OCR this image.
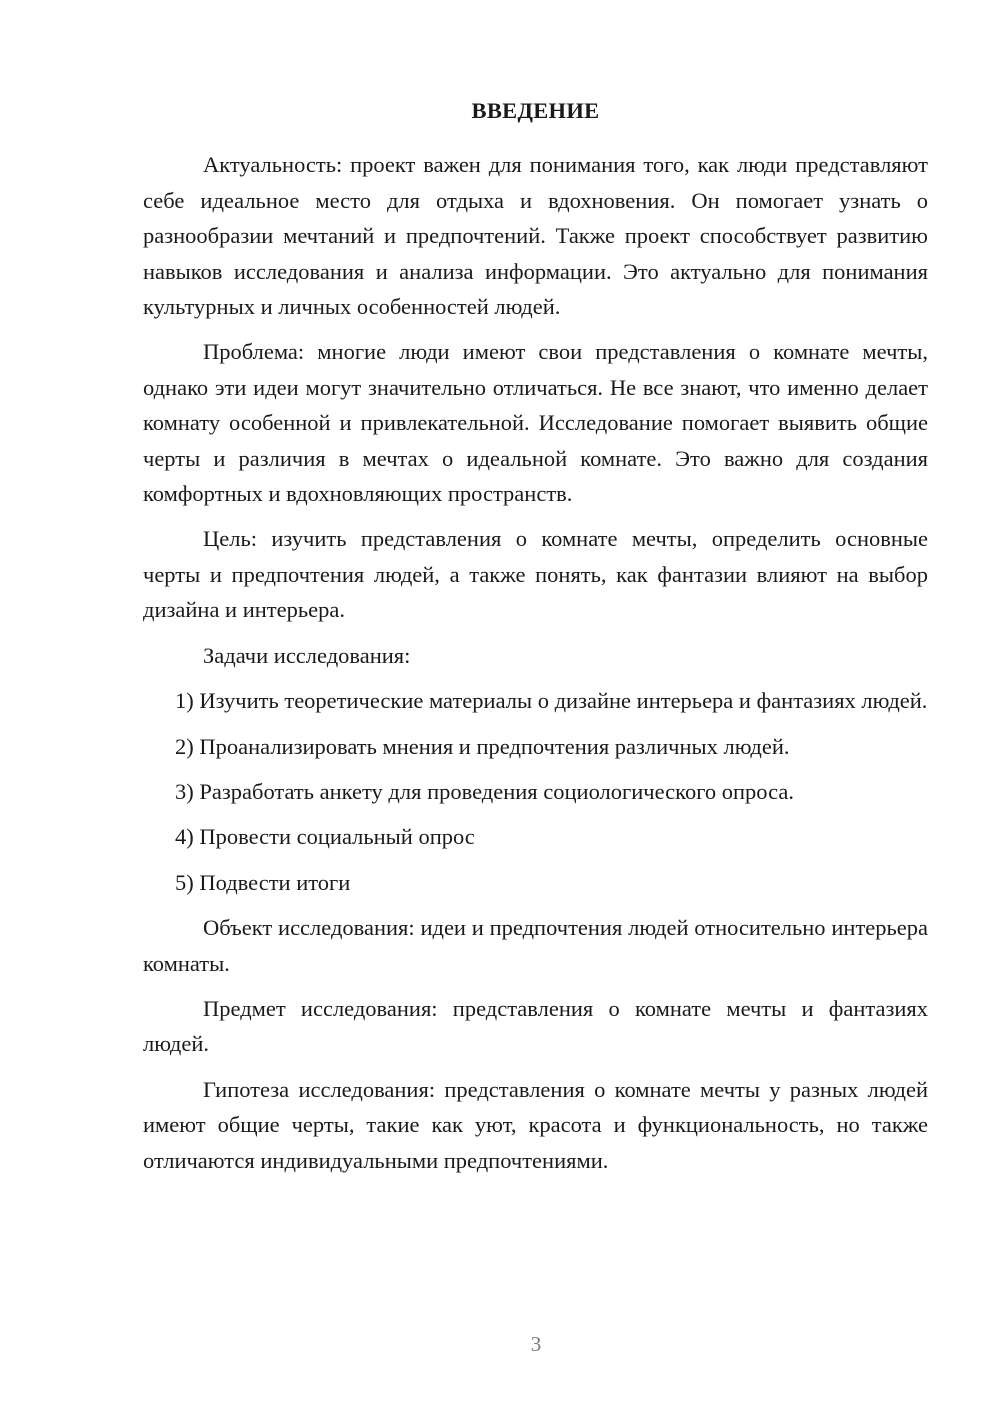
ВВЕДЕНИЕ

Актуальность: проект важен для понимания того, как люди представляют себе идеальное место для отдыха и вдохновения. Он помогает узнать о разнообразии мечтаний и предпочтений. Также проект способствует развитию навыков исследования и анализа информации. Это актуально для понимания культурных и личных особенностей людей.

Проблема: многие люди имеют свои представления о комнате мечты, однако эти идеи могут значительно отличаться. Не все знают, что именно делает комнату особенной и привлекательной. Исследование помогает выявить общие черты и различия в мечтах о идеальной комнате. Это важно для создания комфортных и вдохновляющих пространств.

Цель: изучить представления о комнате мечты, определить основные черты и предпочтения людей, а также понять, как фантазии влияют на выбор дизайна и интерьера.

Задачи исследования:

1) Изучить теоретические материалы о дизайне интерьера и фантазиях людей.

2) Проанализировать мнения и предпочтения различных людей.

3) Разработать анкету для проведения социологического опроса.

4) Провести социальный опрос

5) Подвести итоги

Объект исследования: идеи и предпочтения людей относительно интерьера комнаты.

Предмет исследования: представления о комнате мечты и фантазиях людей.

Гипотеза исследования: представления о комнате мечты у разных людей имеют общие черты, такие как уют, красота и функциональность, но также отличаются индивидуальными предпочтениями.

3
